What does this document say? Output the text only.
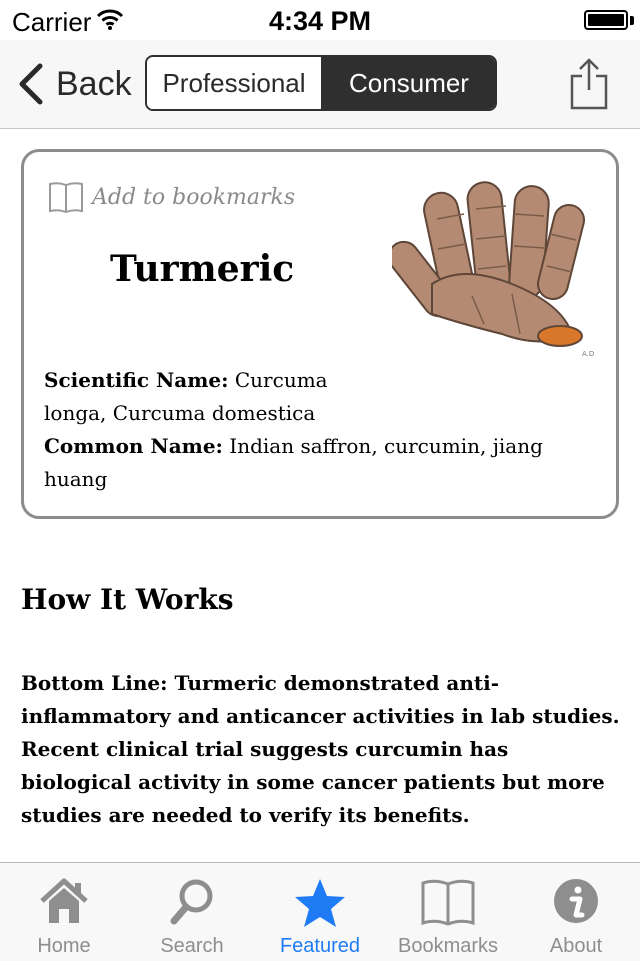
Carrier	4:34 PM
Back	Professional	Consumer
Add to bookmarks
Turmeric
A.D
Scientific Name: Curcuma longa, Curcuma domestica
Common Name: Indian saffron, curcumin, jiang huang
How It Works
Bottom Line: Turmeric demonstrated anti-inflammatory and anticancer activities in lab studies. Recent clinical trial suggests curcumin has biological activity in some cancer patients but more studies are needed to verify its benefits.
Home	Search	Featured	Bookmarks	About
